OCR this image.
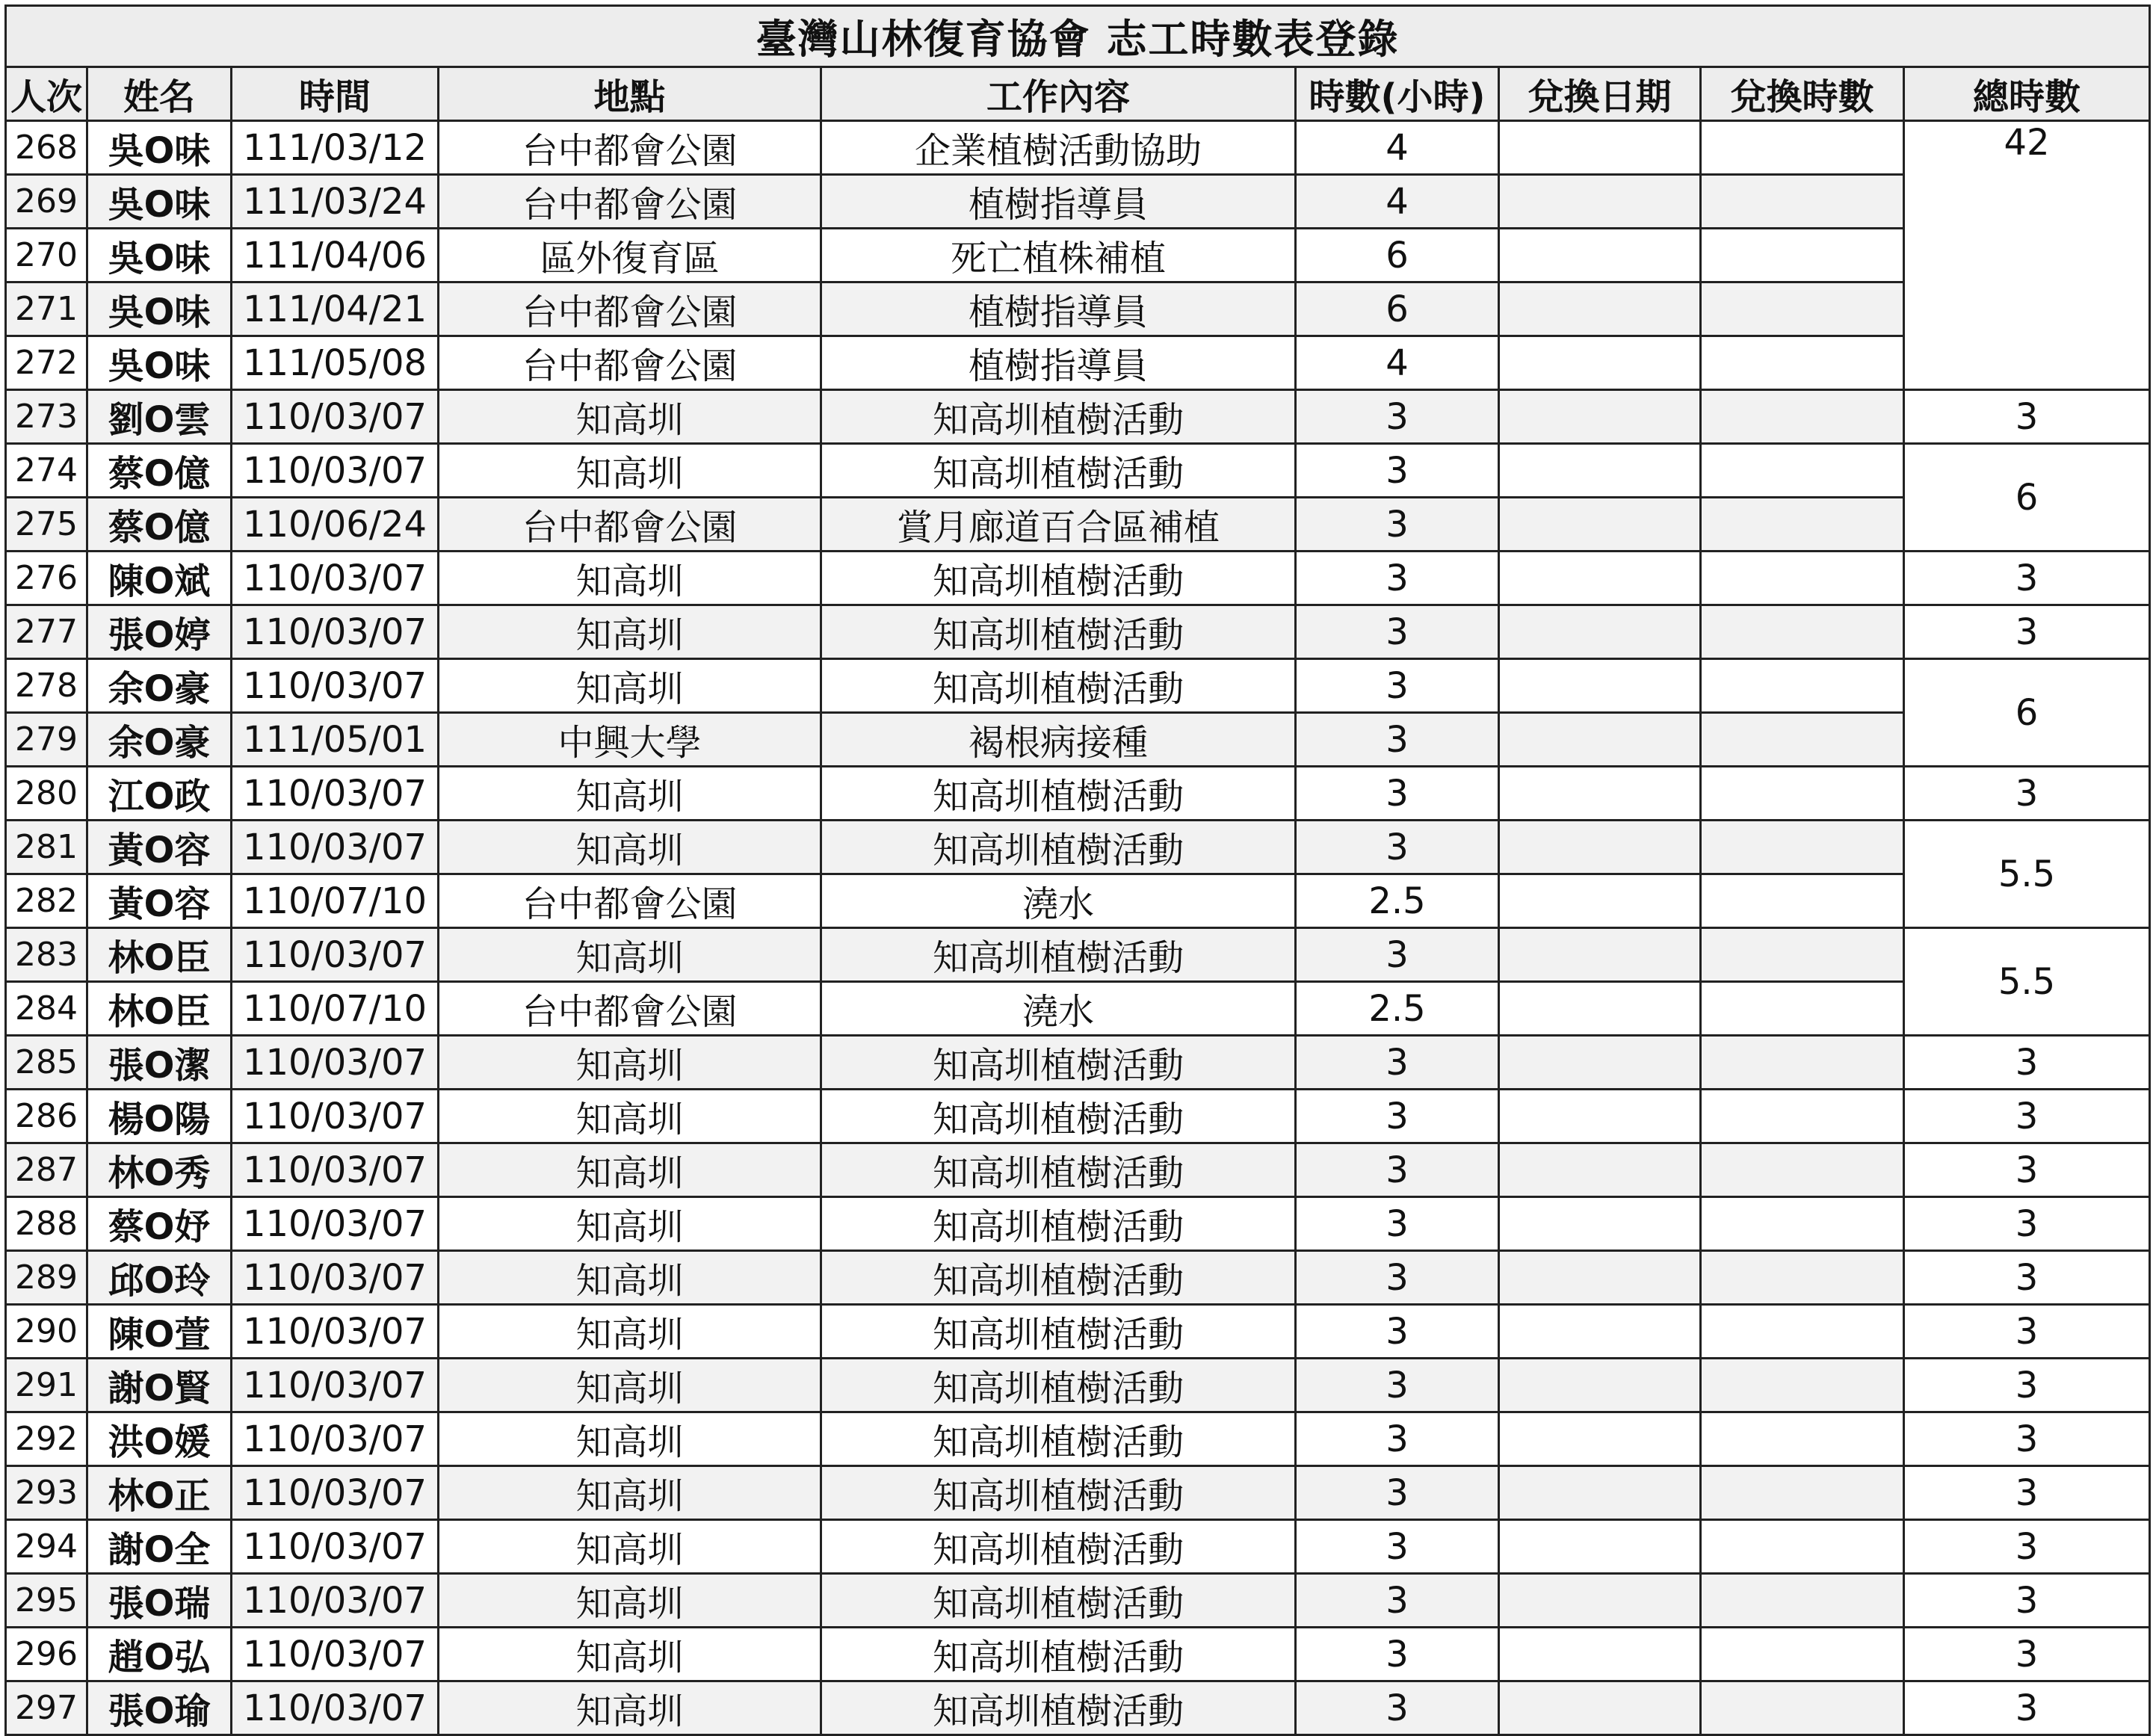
臺灣山林復育協會 志工時數表登錄								
人次	姓名	時間	地點	工作內容	時數(小時)	兌換日期	兌換時數	總時數
268	吳O味	111/03/12	台中都會公園	企業植樹活動協助	4			42
269	吳O味	111/03/24	台中都會公園	植樹指導員	4			
270	吳O味	111/04/06	區外復育區	死亡植株補植	6			
271	吳O味	111/04/21	台中都會公園	植樹指導員	6			
272	吳O味	111/05/08	台中都會公園	植樹指導員	4			
273	劉O雲	110/03/07	知高圳	知高圳植樹活動	3			3
274	蔡O億	110/03/07	知高圳	知高圳植樹活動	3			6
275	蔡O億	110/06/24	台中都會公園	賞月廊道百合區補植	3			
276	陳O斌	110/03/07	知高圳	知高圳植樹活動	3			3
277	張O婷	110/03/07	知高圳	知高圳植樹活動	3			3
278	余O豪	110/03/07	知高圳	知高圳植樹活動	3			6
279	余O豪	111/05/01	中興大學	褐根病接種	3			
280	江O政	110/03/07	知高圳	知高圳植樹活動	3			3
281	黃O容	110/03/07	知高圳	知高圳植樹活動	3			5.5
282	黃O容	110/07/10	台中都會公園	澆水	2.5			
283	林O臣	110/03/07	知高圳	知高圳植樹活動	3			5.5
284	林O臣	110/07/10	台中都會公園	澆水	2.5			
285	張O潔	110/03/07	知高圳	知高圳植樹活動	3			3
286	楊O陽	110/03/07	知高圳	知高圳植樹活動	3			3
287	林O秀	110/03/07	知高圳	知高圳植樹活動	3			3
288	蔡O妤	110/03/07	知高圳	知高圳植樹活動	3			3
289	邱O玲	110/03/07	知高圳	知高圳植樹活動	3			3
290	陳O萱	110/03/07	知高圳	知高圳植樹活動	3			3
291	謝O賢	110/03/07	知高圳	知高圳植樹活動	3			3
292	洪O媛	110/03/07	知高圳	知高圳植樹活動	3			3
293	林O正	110/03/07	知高圳	知高圳植樹活動	3			3
294	謝O全	110/03/07	知高圳	知高圳植樹活動	3			3
295	張O瑞	110/03/07	知高圳	知高圳植樹活動	3			3
296	趙O弘	110/03/07	知高圳	知高圳植樹活動	3			3
297	張O瑜	110/03/07	知高圳	知高圳植樹活動	3			3
